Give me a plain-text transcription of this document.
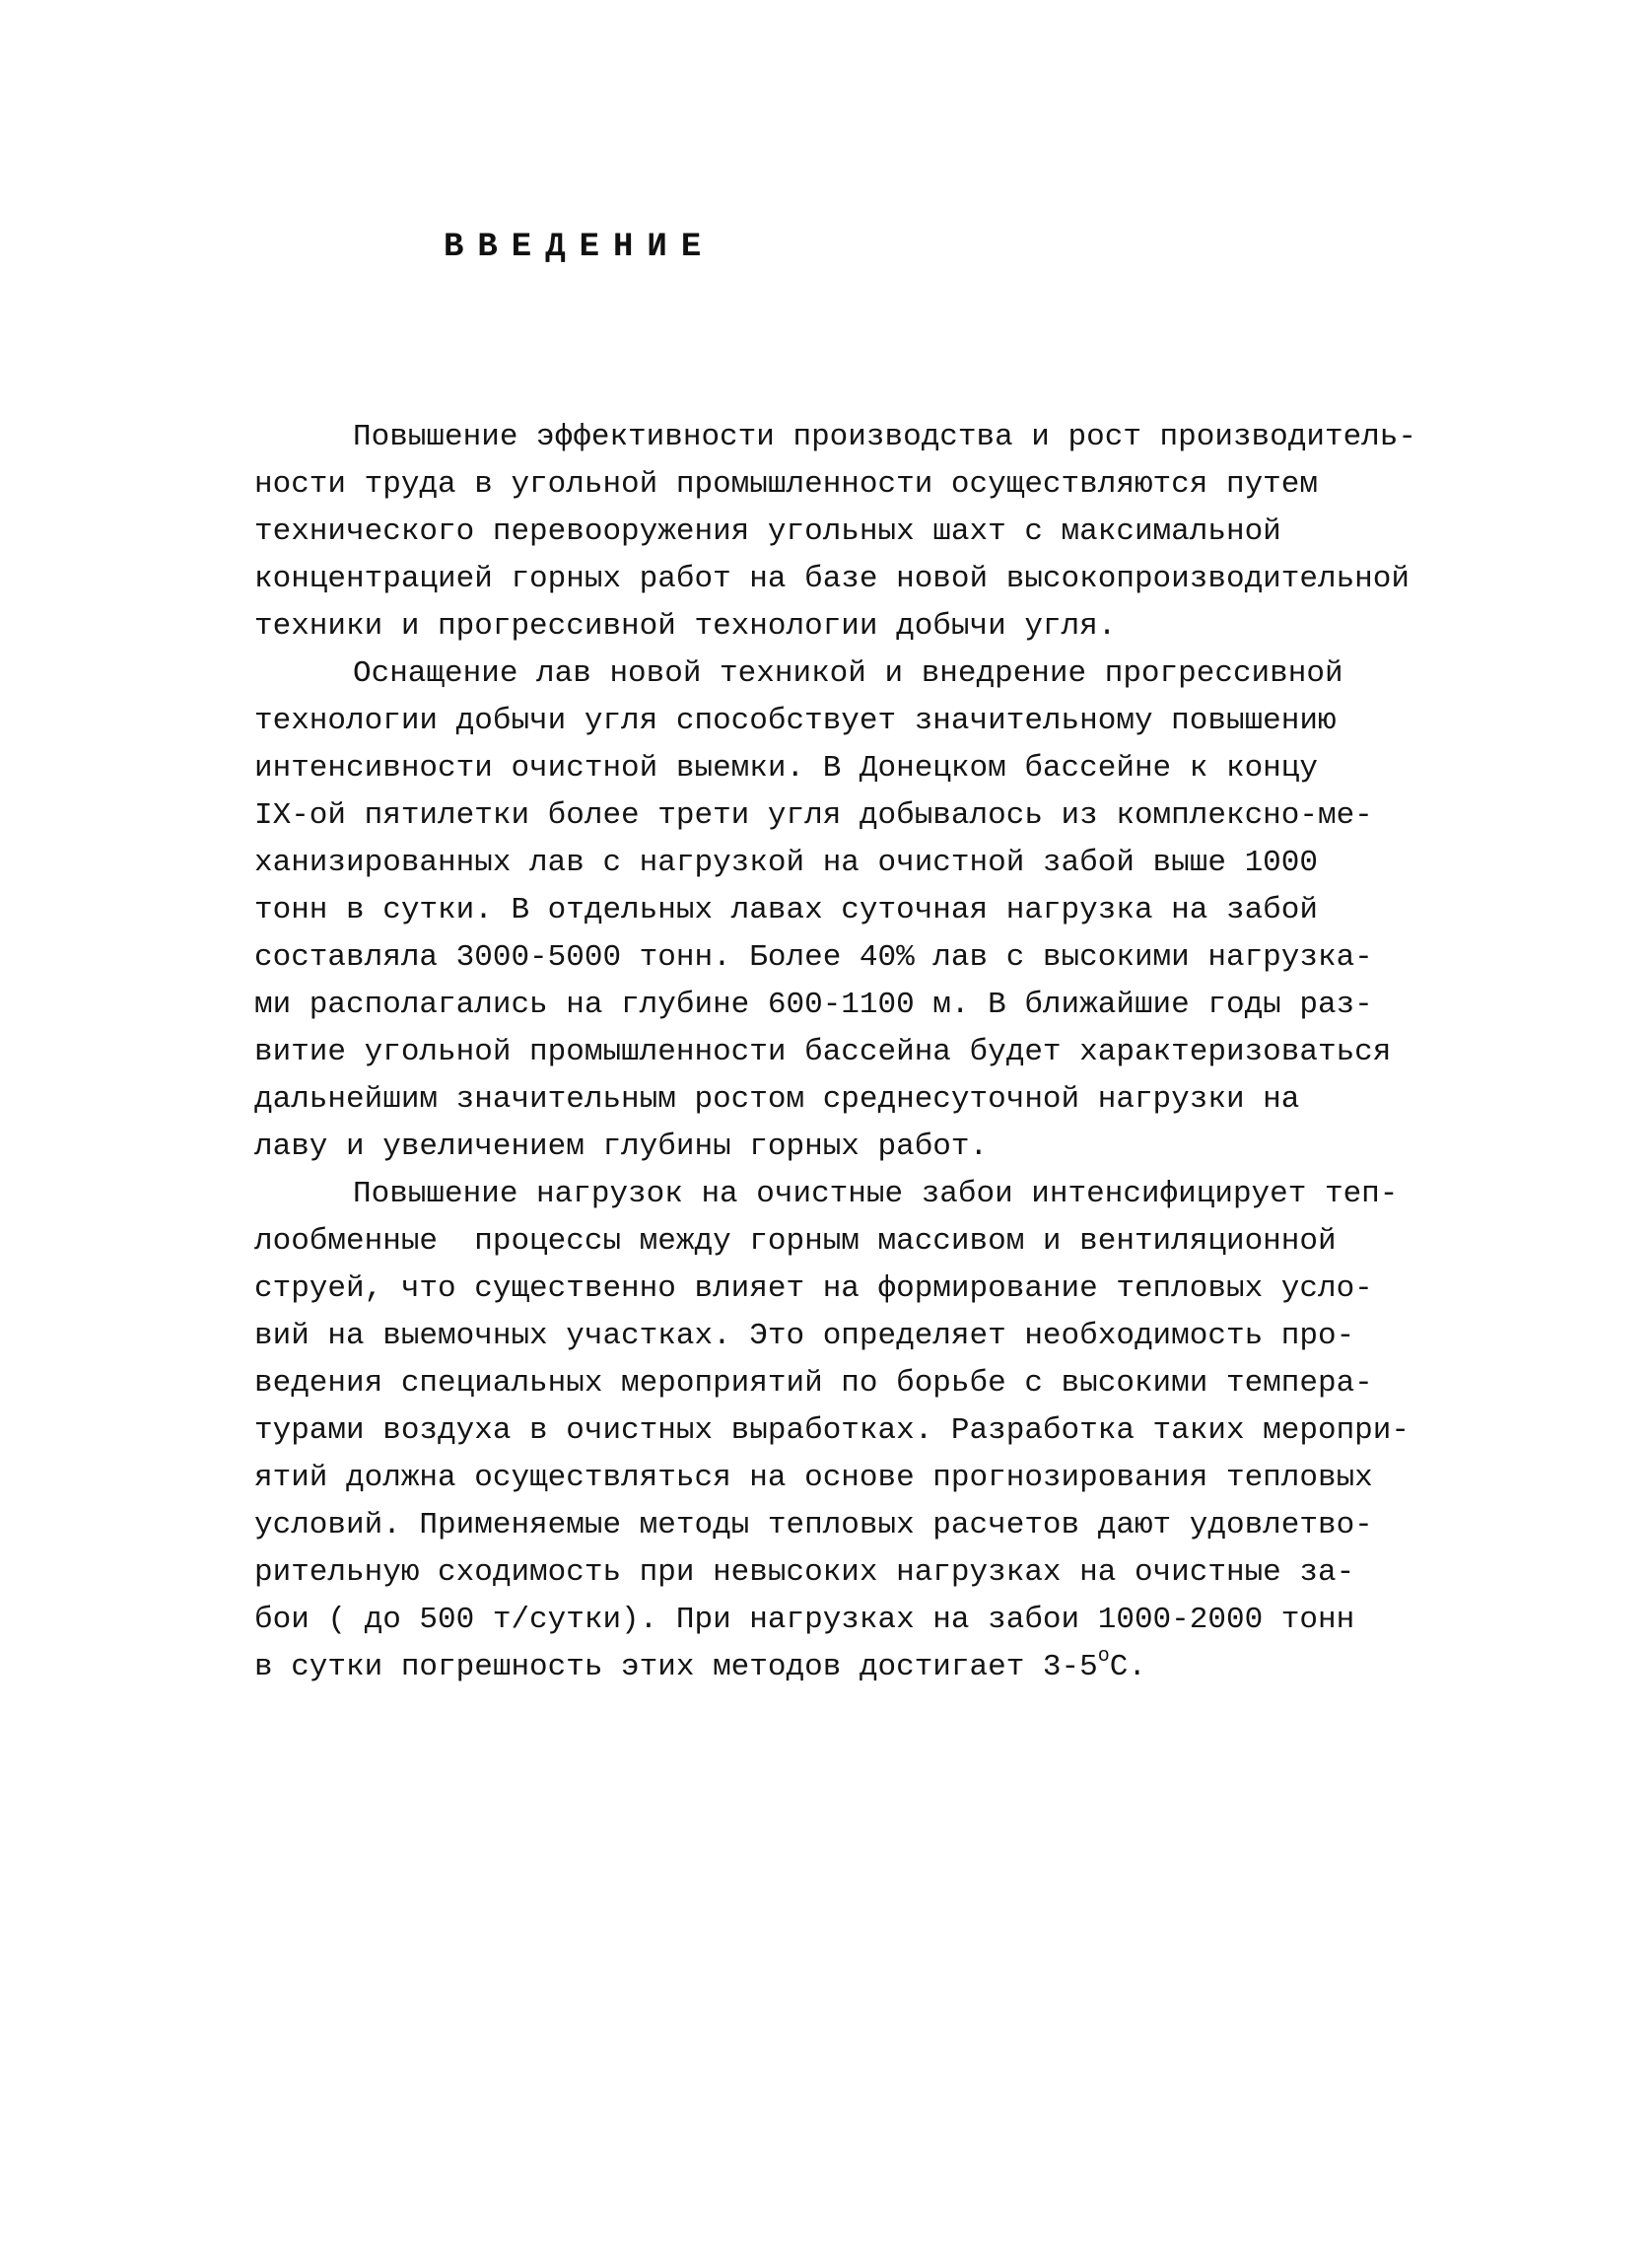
ВВЕДЕНИЕ
Повышение эффективности производства и рост производитель-
ности труда в угольной промышленности осуществляются путем
технического перевооружения угольных шахт с максимальной
концентрацией горных работ на базе новой высокопроизводительной
техники и прогрессивной технологии добычи угля.
Оснащение лав новой техникой и внедрение прогрессивной
технологии добычи угля способствует значительному повышению
интенсивности очистной выемки. В Донецком бассейне к концу
IX-ой пятилетки более трети угля добывалось из комплексно-ме-
ханизированных лав с нагрузкой на очистной забой выше 1000
тонн в сутки. В отдельных лавах суточная нагрузка на забой
составляла 3000-5000 тонн. Более 40% лав с высокими нагрузка-
ми располагались на глубине 600-1100 м. В ближайшие годы раз-
витие угольной промышленности бассейна будет характеризоваться
дальнейшим значительным ростом среднесуточной нагрузки на
лаву и увеличением глубины горных работ.
Повышение нагрузок на очистные забои интенсифицирует теп-
лообменные  процессы между горным массивом и вентиляционной
струей, что существенно влияет на формирование тепловых усло-
вий на выемочных участках. Это определяет необходимость про-
ведения специальных мероприятий по борьбе с высокими темпера-
турами воздуха в очистных выработках. Разработка таких меропри-
ятий должна осуществляться на основе прогнозирования тепловых
условий. Применяемые методы тепловых расчетов дают удовлетво-
рительную сходимость при невысоких нагрузках на очистные за-
бои ( до 500 т/сутки). При нагрузках на забои 1000-2000 тонн
в сутки погрешность этих методов достигает $3-5^оС$.
